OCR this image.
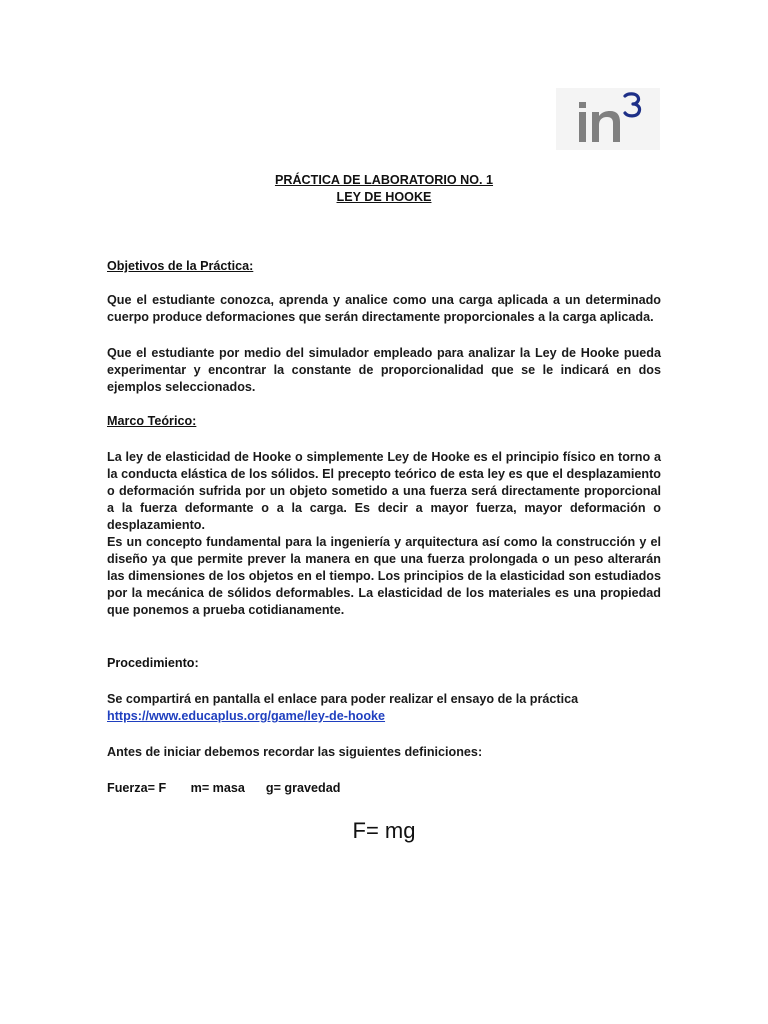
PRÁCTICA DE LABORATORIO NO. 1
LEY DE HOOKE
Objetivos de la Práctica:

Que el estudiante conozca, aprenda y analice como una carga aplicada a un determinado cuerpo produce deformaciones que serán directamente proporcionales a la carga aplicada.

Que el estudiante por medio del simulador empleado para analizar la Ley de Hooke pueda experimentar y encontrar la constante de proporcionalidad que se le indicará en dos ejemplos seleccionados.

Marco Teórico:

La ley de elasticidad de Hooke o simplemente Ley de Hooke es el principio físico en torno a la conducta elástica de los sólidos. El precepto teórico de esta ley es que el desplazamiento o deformación sufrida por un objeto sometido a una fuerza será directamente proporcional a la fuerza deformante o a la carga. Es decir a mayor fuerza, mayor deformación o desplazamiento.

Es un concepto fundamental para la ingeniería y arquitectura así como la construcción y el diseño ya que permite prever la manera en que una fuerza prolongada o un peso alterarán las dimensiones de los objetos en el tiempo. Los principios de la elasticidad son estudiados por la mecánica de sólidos deformables. La elasticidad de los materiales es una propiedad que ponemos a prueba cotidianamente.

Procedimiento:

Se compartirá en pantalla el enlace para poder realizar el ensayo de la práctica

https://www.educaplus.org/game/ley-de-hooke

Antes de iniciar debemos recordar las siguientes definiciones:

Fuerza= F       m= masa      g= gravedad
F= mg
